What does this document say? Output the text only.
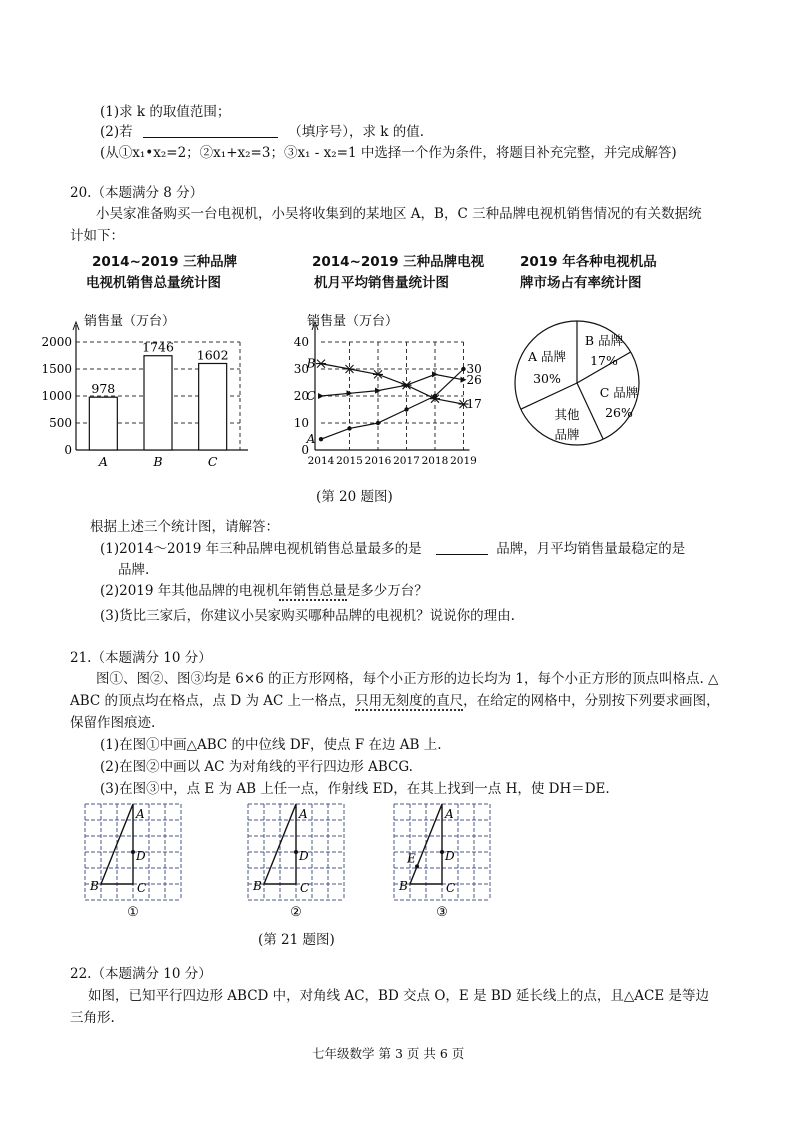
(1)求 k 的取值范围；
(2)若	（填序号），求 k 的值.
(从①x₁•x₂=2；②x₁+x₂=3；③x₁ - x₂=1 中选择一个作为条件，将题目补充完整，并完成解答)
20.（本题满分 8 分）
小吴家准备购买一台电视机，小吴将收集到的某地区 A，B，C 三种品牌电视机销售情况的有关数据统
计如下：
2014~2019 三种品牌
电视机销售总量统计图
2014~2019 三种品牌电视
机月平均销售量统计图
2019 年各种电视机品
牌市场占有率统计图
销售量（万台）
0
500
1000
1500
2000
978
A
1746
B
1602
C
销售量（万台）
0
10
20
30
40
2014 2015 2016 2017 2018 2019
A
30
B
17
C
26
A 品牌
30%
B 品牌
17%
C 品牌
26%
其他
品牌
(第 20 题图)
根据上述三个统计图，请解答：
(1)2014～2019 年三种品牌电视机销售总量最多的是	品牌，月平均销售量最稳定的是
品牌.
(2)2019 年其他品牌的电视机年销售总量是多少万台？
(3)货比三家后，你建议小吴家购买哪种品牌的电视机？说说你的理由.
21.（本题满分 10 分）
图①、图②、图③均是 6×6 的正方形网格，每个小正方形的边长均为 1，每个小正方形的顶点叫格点. △
ABC 的顶点均在格点，点 D 为 AC 上一格点，只用无刻度的直尺，在给定的网格中，分别按下列要求画图，
保留作图痕迹.
(1)在图①中画△ABC 的中位线 DF，使点 F 在边 AB 上.
(2)在图②中画以 AC 为对角线的平行四边形 ABCG.
(3)在图③中，点 E 为 AB 上任一点，作射线 ED，在其上找到一点 H，使 DH＝DE.
A
B	C
D
①
A
B	C
D
②
A
B	C
D
E
③
(第 21 题图)
22.（本题满分 10 分）
如图，已知平行四边形 ABCD 中，对角线 AC，BD 交点 O，E 是 BD 延长线上的点，且△ACE 是等边
三角形.
七年级数学 第 3 页 共 6 页
